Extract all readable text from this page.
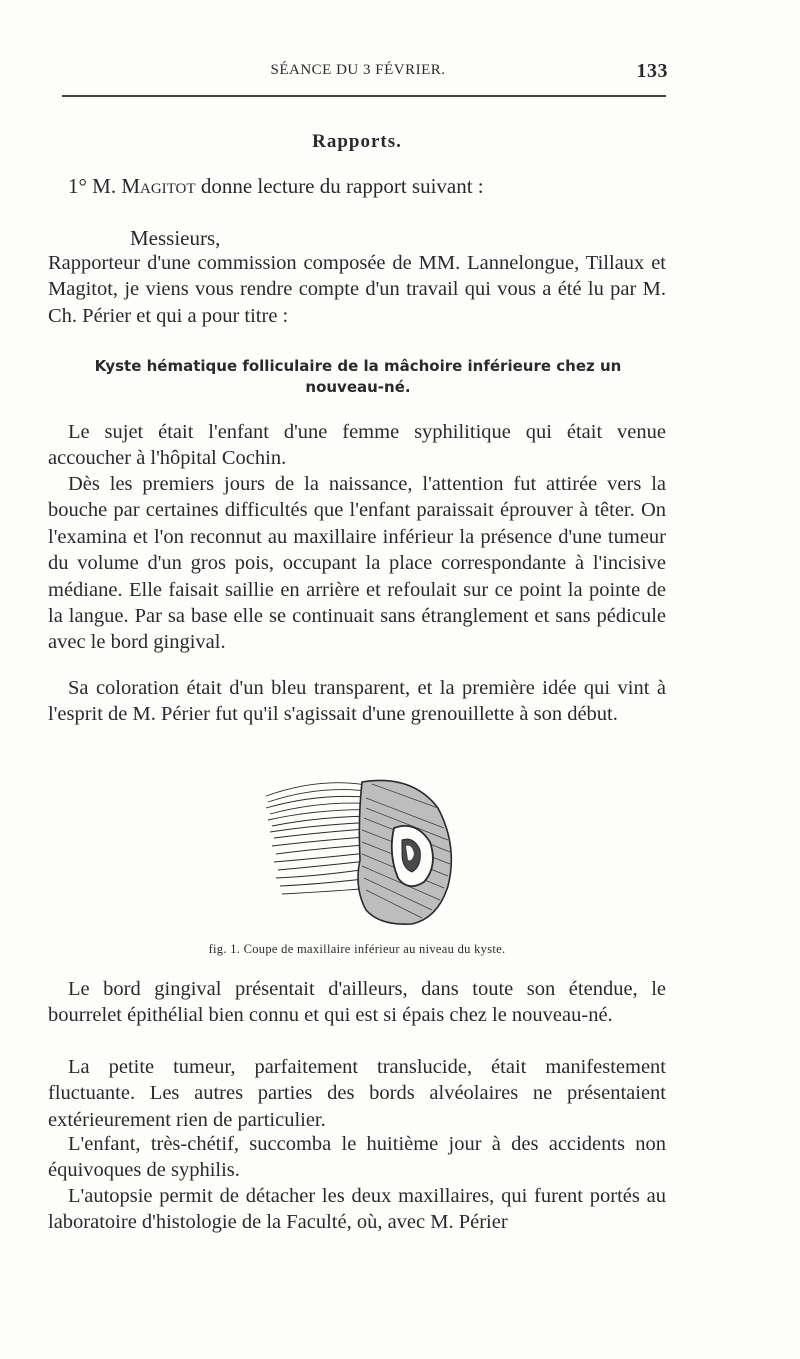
SÉANCE DU 3 FÉVRIER.	133
Rapports.
1° M. Magitot donne lecture du rapport suivant :
Messieurs,

Rapporteur d'une commission composée de MM. Lannelongue, Tillaux et Magitot, je viens vous rendre compte d'un travail qui vous a été lu par M. Ch. Périer et qui a pour titre :

Kyste hématique folliculaire de la mâchoire inférieure chez un nouveau-né.

Le sujet était l'enfant d'une femme syphilitique qui était venue accoucher à l'hôpital Cochin.

Dès les premiers jours de la naissance, l'attention fut attirée vers la bouche par certaines difficultés que l'enfant paraissait éprouver à têter. On l'examina et l'on reconnut au maxillaire inférieur la présence d'une tumeur du volume d'un gros pois, occupant la place correspondante à l'incisive médiane. Elle faisait saillie en arrière et refoulait sur ce point la pointe de la langue. Par sa base elle se continuait sans étranglement et sans pédicule avec le bord gingival.

Sa coloration était d'un bleu transparent, et la première idée qui vint à l'esprit de M. Périer fut qu'il s'agissait d'une grenouillette à son début.

fig. 1. Coupe de maxillaire inférieur au niveau du kyste.

Le bord gingival présentait d'ailleurs, dans toute son étendue, le bourrelet épithélial bien connu et qui est si épais chez le nouveau-né.

La petite tumeur, parfaitement translucide, était manifestement fluctuante. Les autres parties des bords alvéolaires ne présentaient extérieurement rien de particulier.

L'enfant, très-chétif, succomba le huitième jour à des accidents non équivoques de syphilis.

L'autopsie permit de détacher les deux maxillaires, qui furent portés au laboratoire d'histologie de la Faculté, où, avec M. Périer
